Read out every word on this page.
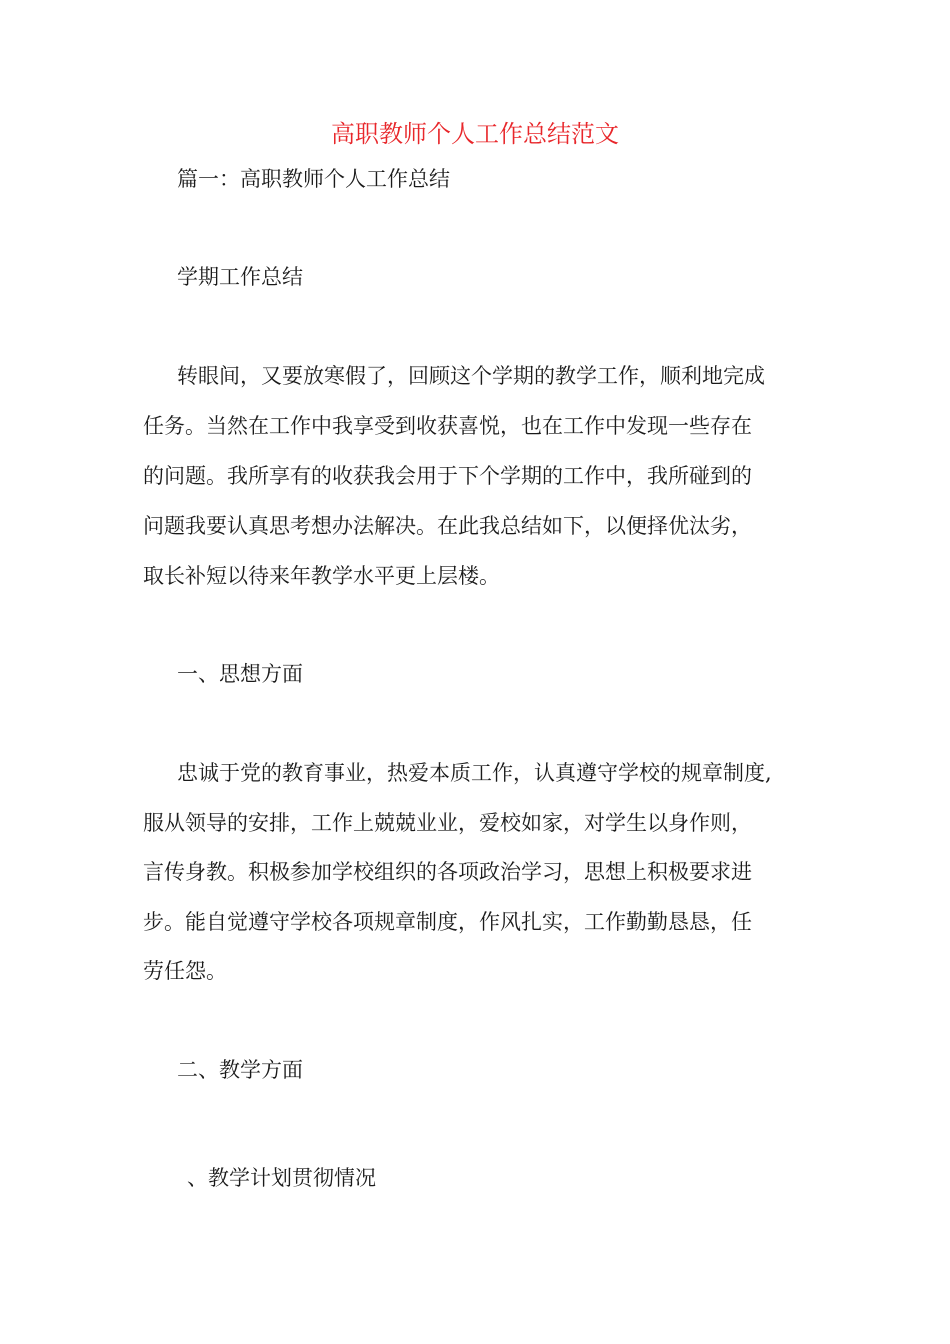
高职教师个人工作总结范文
篇一：高职教师个人工作总结
学期工作总结
转眼间，又要放寒假了，回顾这个学期的教学工作，顺利地完成
任务。当然在工作中我享受到收获喜悦，也在工作中发现一些存在
的问题。我所享有的收获我会用于下个学期的工作中，我所碰到的
问题我要认真思考想办法解决。在此我总结如下，以便择优汰劣，
取长补短以待来年教学水平更上层楼。
一、思想方面
忠诚于党的教育事业，热爱本质工作，认真遵守学校的规章制度,
服从领导的安排，工作上兢兢业业，爱校如家，对学生以身作则，
言传身教。积极参加学校组织的各项政治学习，思想上积极要求进
步。能自觉遵守学校各项规章制度，作风扎实，工作勤勤恳恳，任
劳任怨。
二、教学方面
、教学计划贯彻情况
